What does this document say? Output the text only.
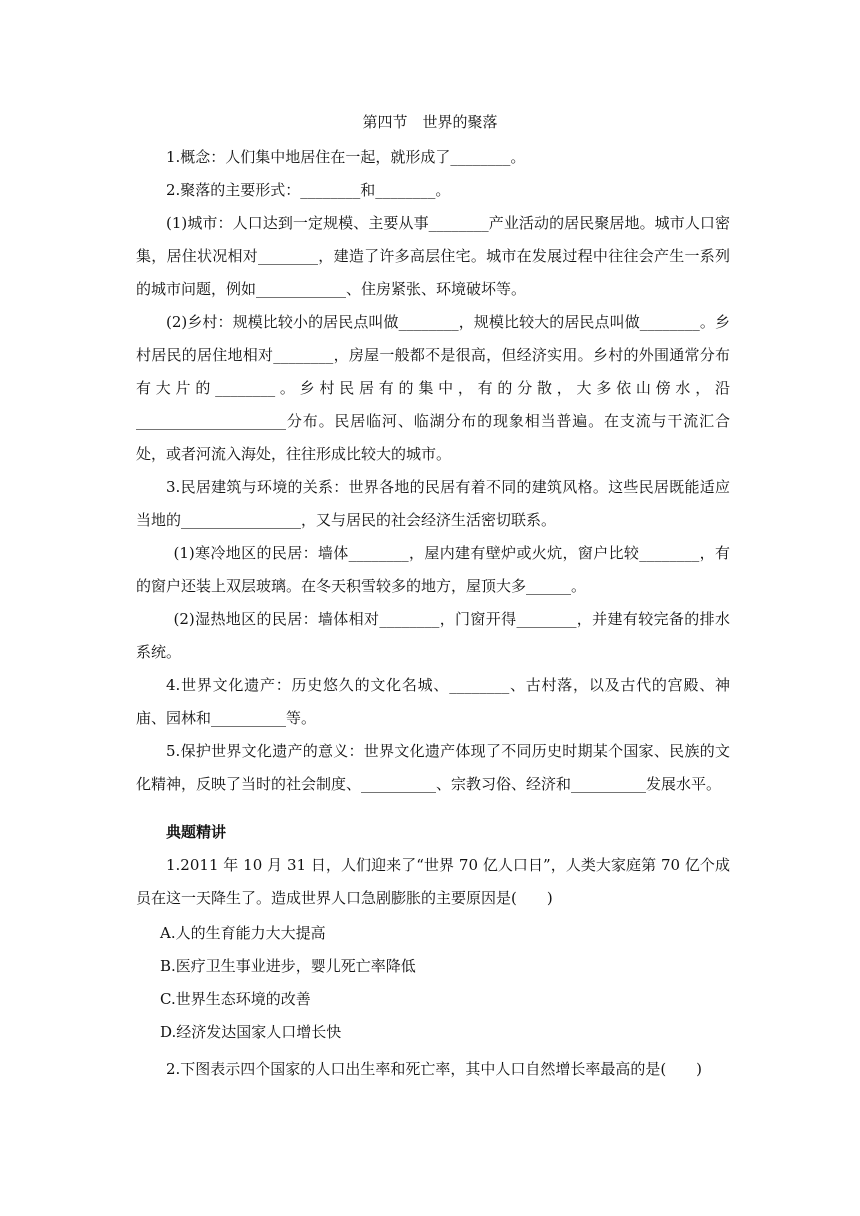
第四节　世界的聚落
1.概念：人们集中地居住在一起，就形成了________。
2.聚落的主要形式：________和________。
(1)城市：人口达到一定规模、主要从事________产业活动的居民聚居地。城市人口密集，居住状况相对________，建造了许多高层住宅。城市在发展过程中往往会产生一系列的城市问题，例如____________、住房紧张、环境破坏等。
(2)乡村：规模比较小的居民点叫做________，规模比较大的居民点叫做________。乡村居民的居住地相对________，房屋一般都不是很高，但经济实用。乡村的外围通常分布有大片的________。乡村民居有的集中，有的分散，大多依山傍水，沿____________________分布。民居临河、临湖分布的现象相当普遍。在支流与干流汇合处，或者河流入海处，往往形成比较大的城市。
3.民居建筑与环境的关系：世界各地的民居有着不同的建筑风格。这些民居既能适应当地的________________，又与居民的社会经济生活密切联系。
(1)寒冷地区的民居：墙体________，屋内建有壁炉或火炕，窗户比较________，有的窗户还装上双层玻璃。在冬天积雪较多的地方，屋顶大多______。
(2)湿热地区的民居：墙体相对________，门窗开得________，并建有较完备的排水系统。
4.世界文化遗产：历史悠久的文化名城、________、古村落，以及古代的宫殿、神庙、园林和__________等。
5.保护世界文化遗产的意义：世界文化遗产体现了不同历史时期某个国家、民族的文化精神，反映了当时的社会制度、__________、宗教习俗、经济和__________发展水平。
典题精讲
1.2011 年 10 月 31 日，人们迎来了“世界 70 亿人口日”，人类大家庭第 70 亿个成员在这一天降生了。造成世界人口急剧膨胀的主要原因是(　　)
A.人的生育能力大大提高
B.医疗卫生事业进步，婴儿死亡率降低
C.世界生态环境的改善
D.经济发达国家人口增长快
2.下图表示四个国家的人口出生率和死亡率，其中人口自然增长率最高的是(　　)
